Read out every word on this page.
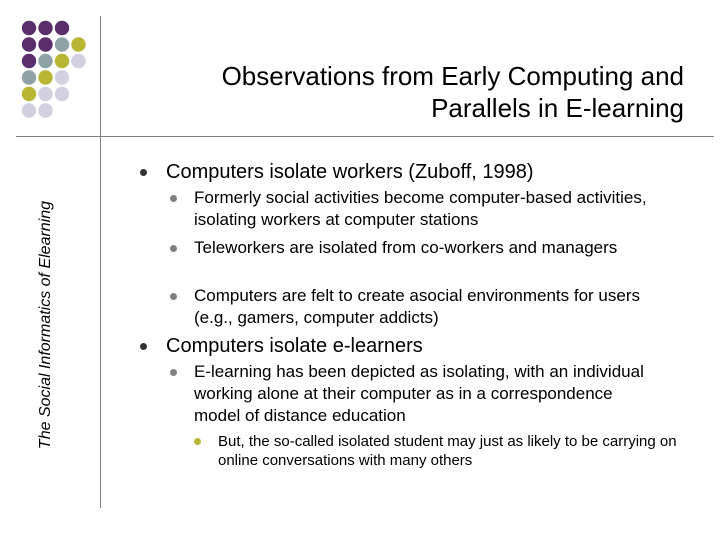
Observations from Early Computing and
Parallels in E-learning
The Social Informatics of Elearning
Computers isolate workers (Zuboff, 1998)
Formerly social activities become computer-based activities, isolating workers at computer stations
Teleworkers are isolated from co-workers and managers
Computers are felt to create asocial environments for users (e.g., gamers, computer addicts)
Computers isolate e-learners
E-learning has been depicted as isolating, with an individual working alone at their computer as in a correspondence model of distance education
But, the so-called isolated student may just as likely to be carrying on online conversations with many others
